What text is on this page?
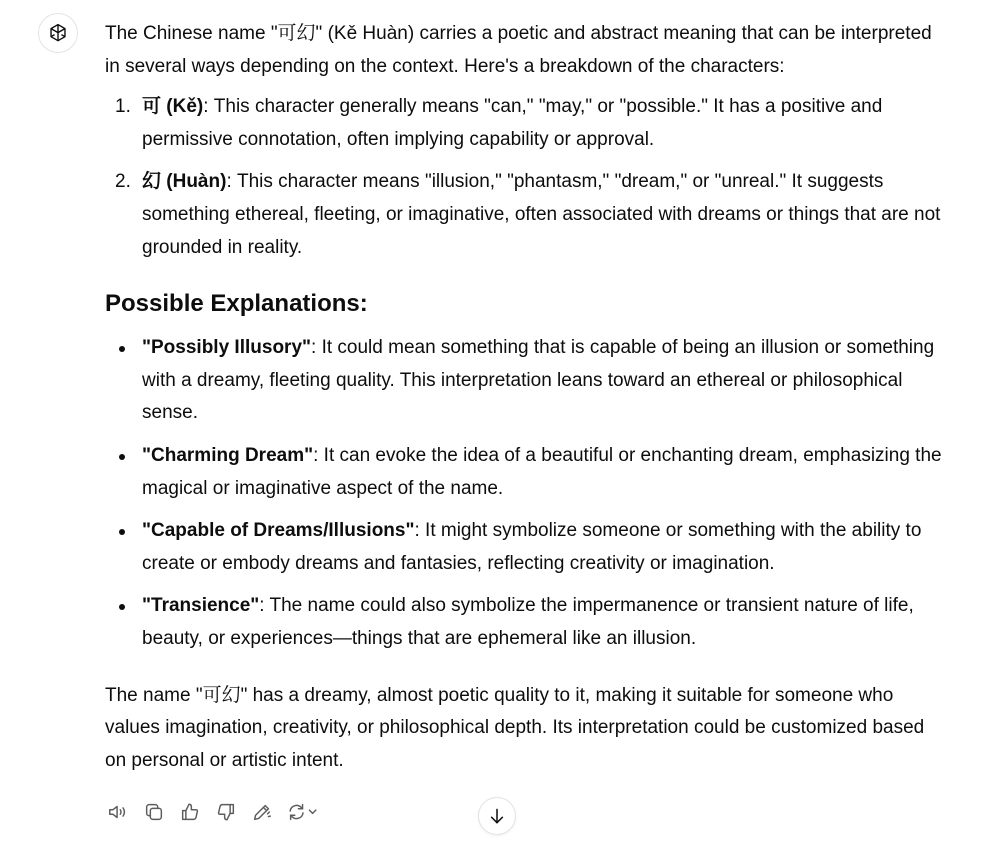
The Chinese name "可幻" (Kě Huàn) carries a poetic and abstract meaning that can be interpreted in several ways depending on the context. Here's a breakdown of the characters:

1. 可 (Kě): This character generally means "can," "may," or "possible." It has a positive and permissive connotation, often implying capability or approval.
2. 幻 (Huàn): This character means "illusion," "phantasm," "dream," or "unreal." It suggests something ethereal, fleeting, or imaginative, often associated with dreams or things that are not grounded in reality.
Possible Explanations:
"Possibly Illusory": It could mean something that is capable of being an illusion or something with a dreamy, fleeting quality. This interpretation leans toward an ethereal or philosophical sense.
"Charming Dream": It can evoke the idea of a beautiful or enchanting dream, emphasizing the magical or imaginative aspect of the name.
"Capable of Dreams/Illusions": It might symbolize someone or something with the ability to create or embody dreams and fantasies, reflecting creativity or imagination.
"Transience": The name could also symbolize the impermanence or transient nature of life, beauty, or experiences—things that are ephemeral like an illusion.

The name "可幻" has a dreamy, almost poetic quality to it, making it suitable for someone who values imagination, creativity, or philosophical depth. Its interpretation could be customized based on personal or artistic intent.
